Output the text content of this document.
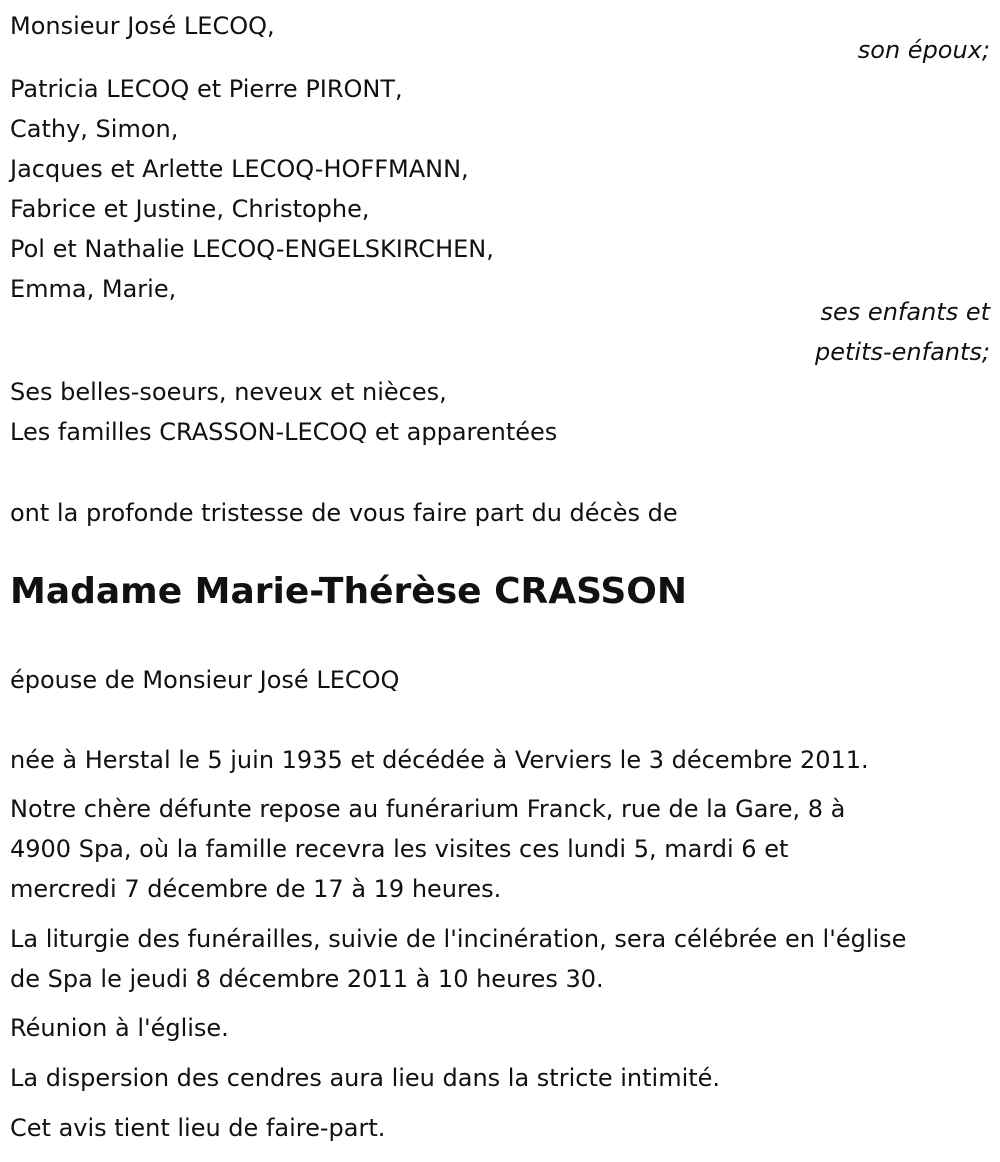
Monsieur José LECOQ,
son époux;
Patricia LECOQ et Pierre PIRONT,
Cathy, Simon,
Jacques et Arlette LECOQ-HOFFMANN,
Fabrice et Justine, Christophe,
Pol et Nathalie LECOQ-ENGELSKIRCHEN,
Emma, Marie,
ses enfants et
petits-enfants;
Ses belles-soeurs, neveux et nièces,
Les familles CRASSON-LECOQ et apparentées
ont la profonde tristesse de vous faire part du décès de
Madame Marie-Thérèse CRASSON
épouse de Monsieur José LECOQ
née à Herstal le 5 juin 1935 et décédée à Verviers le 3 décembre 2011.
Notre chère défunte repose au funérarium Franck, rue de la Gare, 8 à
4900 Spa, où la famille recevra les visites ces lundi 5, mardi 6 et
mercredi 7 décembre de 17 à 19 heures.
La liturgie des funérailles, suivie de l'incinération, sera célébrée en l'église
de Spa le jeudi 8 décembre 2011 à 10 heures 30.
Réunion à l'église.
La dispersion des cendres aura lieu dans la stricte intimité.
Cet avis tient lieu de faire-part.
